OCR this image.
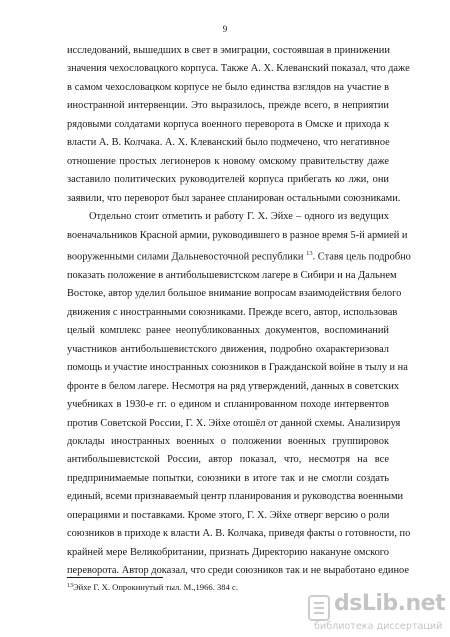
9
исследований, вышедших в свет в эмиграции, состоявшая в принижении
значения чехословацкого корпуса. Также А. Х. Клеванский показал, что даже
в самом чехословацком корпусе не было единства взглядов на участие в
иностранной интервенции. Это выразилось, прежде всего, в неприятии
рядовыми солдатами корпуса военного переворота в Омске и прихода к
власти А. В. Колчака. А. Х. Клеванский было подмечено, что негативное
отношение простых легионеров к новому омскому правительству даже
заставило политических руководителей корпуса прибегать ко лжи, они
заявили, что переворот был заранее спланирован остальными союзниками.
Отдельно стоит отметить и работу Г. Х. Эйхе – одного из ведущих
военачальников Красной армии, руководившего в разное время 5-й армией и
вооруженными силами Дальневосточной республики $^{13}$. Ставя цель подробно
показать положение в антибольшевистском лагере в Сибири и на Дальнем
Востоке, автор уделил большое внимание вопросам взаимодействия белого
движения с иностранными союзниками. Прежде всего, автор, использовав
целый комплекс ранее неопубликованных документов, воспоминаний
участников антибольшевистского движения, подробно охарактеризовал
помощь и участие иностранных союзников в Гражданской войне в тылу и на
фронте в белом лагере. Несмотря на ряд утверждений, данных в советских
учебниках в 1930-е гг. о едином и спланированном походе интервентов
против Советской России, Г. Х. Эйхе отошёл от данной схемы. Анализируя
доклады иностранных военных о положении военных группировок
антибольшевистской России, автор показал, что, несмотря на все
предпринимаемые попытки, союзники в итоге так и не смогли создать
единый, всеми признаваемый центр планирования и руководства военными
операциями и поставками. Кроме этого, Г. Х. Эйхе отверг версию о роли
союзников в приходе к власти А. В. Колчака, приведя факты о готовности, по
крайней мере Великобритании, признать Директорию накануне омского
переворота. Автор доказал, что среди союзников так и не выработано единое
$^{13}$Эйхе Г. Х. Опрокинутый тыл. М.,1966. 384 с.
dsLib.net
библиотека диссертаций
